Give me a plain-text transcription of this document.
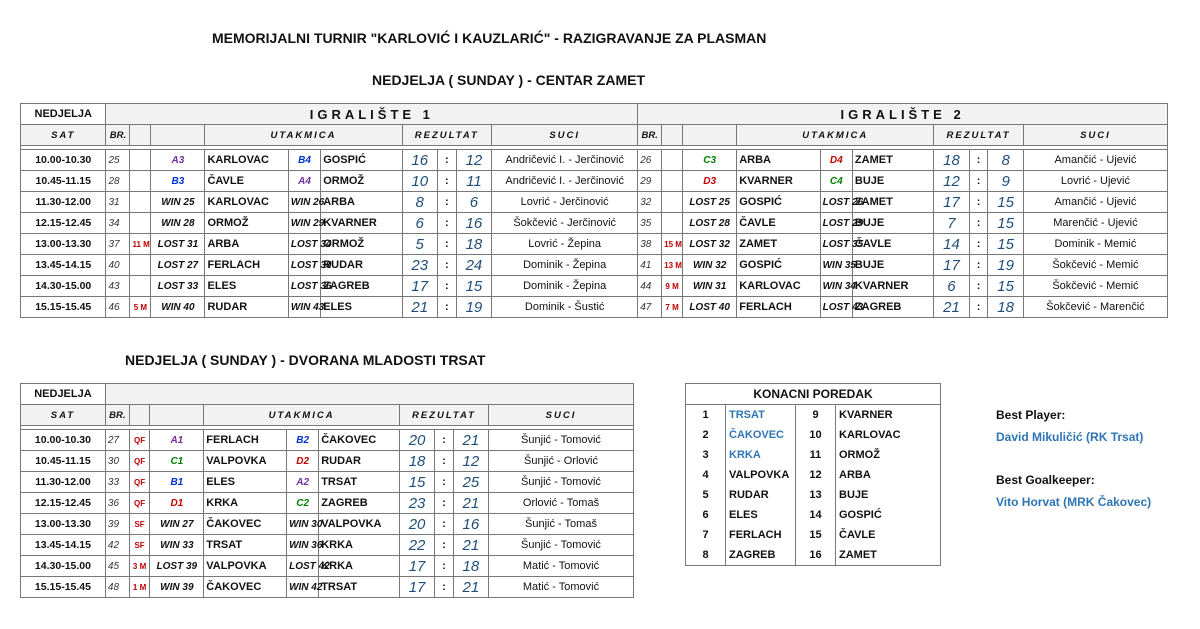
MEMORIJALNI TURNIR "KARLOVIĆ I KAUZLARIĆ" - RAZIGRAVANJE ZA PLASMAN
NEDJELJA ( SUNDAY ) - CENTAR ZAMET
NEDJELJA	IGRALIŠTE 1										IGRALIŠTE 2									
SAT	BR.			UTAKMICA			REZULTAT			SUCI	BR.			UTAKMICA			REZULTAT			SUCI

10.00-10.30	25		A3	KARLOVAC	B4	GOSPIĆ	16	:	12	Andričević I. - Jerčinović	26		C3	ARBA	D4	ZAMET	18	:	8	Amančić - Ujević
10.45-11.15	28		B3	ČAVLE	A4	ORMOŽ	10	:	11	Andričević I. - Jerčinović	29		D3	KVARNER	C4	BUJE	12	:	9	Lovrić - Ujević
11.30-12.00	31		WIN 25	KARLOVAC	WIN 26	ARBA	8	:	6	Lovrić - Jerčinović	32		LOST 25	GOSPIĆ	LOST 26	ZAMET	17	:	15	Amančić - Ujević
12.15-12.45	34		WIN 28	ORMOŽ	WIN 29	KVARNER	6	:	16	Šokčević - Jerčinović	35		LOST 28	ČAVLE	LOST 29	BUJE	7	:	15	Marenčić - Ujević
13.00-13.30	37	11 M	LOST 31	ARBA	LOST 34	ORMOŽ	5	:	18	Lovrić - Žepina	38	15 M	LOST 32	ZAMET	LOST 35	ČAVLE	14	:	15	Dominik - Memić
13.45-14.15	40		LOST 27	FERLACH	LOST 30	RUDAR	23	:	24	Dominik - Žepina	41	13 M	WIN 32	GOSPIĆ	WIN 35	BUJE	17	:	19	Šokčević - Memić
14.30-15.00	43		LOST 33	ELES	LOST 36	ZAGREB	17	:	15	Dominik - Žepina	44	9 M	WIN 31	KARLOVAC	WIN 34	KVARNER	6	:	15	Šokčević - Memić
15.15-15.45	46	5 M	WIN 40	RUDAR	WIN 43	ELES	21	:	19	Dominik - Šustić	47	7 M	LOST 40	FERLACH	LOST 43	ZAGREB	21	:	18	Šokčević - Marenčić
NEDJELJA ( SUNDAY ) - DVORANA MLADOSTI TRSAT
NEDJELJA										
SAT	BR.			UTAKMICA			REZULTAT			SUCI

10.00-10.30	27	QF	A1	FERLACH	B2	ČAKOVEC	20	:	21	Šunjić - Tomović
10.45-11.15	30	QF	C1	VALPOVKA	D2	RUDAR	18	:	12	Šunjić - Orlović
11.30-12.00	33	QF	B1	ELES	A2	TRSAT	15	:	25	Šunjić - Tomović
12.15-12.45	36	QF	D1	KRKA	C2	ZAGREB	23	:	21	Orlović - Tomaš
13.00-13.30	39	SF	WIN 27	ČAKOVEC	WIN 30	VALPOVKA	20	:	16	Šunjić - Tomaš
13.45-14.15	42	SF	WIN 33	TRSAT	WIN 36	KRKA	22	:	21	Šunjić - Tomović
14.30-15.00	45	3 M	LOST 39	VALPOVKA	LOST 42	KRKA	17	:	18	Matić - Tomović
15.15-15.45	48	1 M	WIN 39	ČAKOVEC	WIN 42	TRSAT	17	:	21	Matić - Tomović
KONACNI POREDAK			
1	TRSAT	9	KVARNER
2	ČAKOVEC	10	KARLOVAC
3	KRKA	11	ORMOŽ
4	VALPOVKA	12	ARBA
5	RUDAR	13	BUJE
6	ELES	14	GOSPIĆ
7	FERLACH	15	ČAVLE
8	ZAGREB	16	ZAMET
Best Player:
David Mikuličić (RK Trsat)
Best Goalkeeper:
Vito Horvat (MRK Čakovec)
